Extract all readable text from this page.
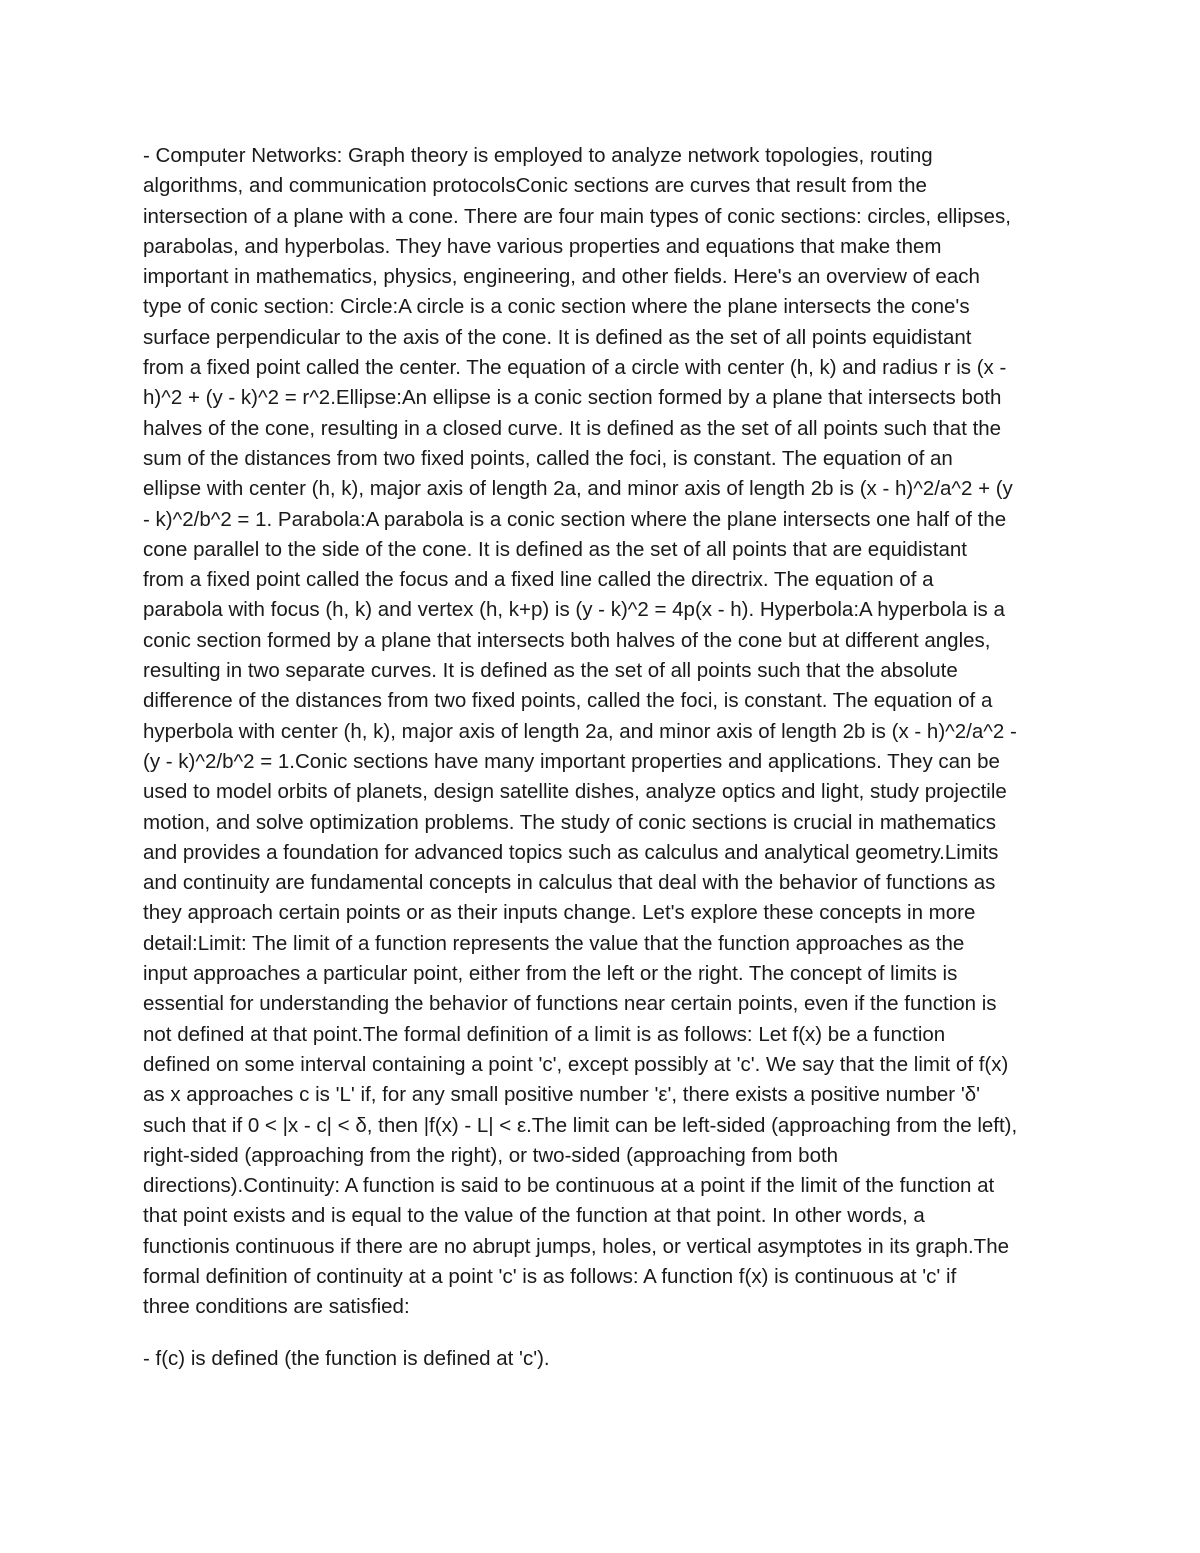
- Computer Networks: Graph theory is employed to analyze network topologies, routing
algorithms, and communication protocolsConic sections are curves that result from the
intersection of a plane with a cone. There are four main types of conic sections: circles, ellipses,
parabolas, and hyperbolas. They have various properties and equations that make them
important in mathematics, physics, engineering, and other fields. Here's an overview of each
type of conic section: Circle:A circle is a conic section where the plane intersects the cone's
surface perpendicular to the axis of the cone. It is defined as the set of all points equidistant
from a fixed point called the center. The equation of a circle with center (h, k) and radius r is (x -
h)^2 + (y - k)^2 = r^2.Ellipse:An ellipse is a conic section formed by a plane that intersects both
halves of the cone, resulting in a closed curve. It is defined as the set of all points such that the
sum of the distances from two fixed points, called the foci, is constant. The equation of an
ellipse with center (h, k), major axis of length 2a, and minor axis of length 2b is (x - h)^2/a^2 + (y
- k)^2/b^2 = 1. Parabola:A parabola is a conic section where the plane intersects one half of the
cone parallel to the side of the cone. It is defined as the set of all points that are equidistant
from a fixed point called the focus and a fixed line called the directrix. The equation of a
parabola with focus (h, k) and vertex (h, k+p) is (y - k)^2 = 4p(x - h). Hyperbola:A hyperbola is a
conic section formed by a plane that intersects both halves of the cone but at different angles,
resulting in two separate curves. It is defined as the set of all points such that the absolute
difference of the distances from two fixed points, called the foci, is constant. The equation of a
hyperbola with center (h, k), major axis of length 2a, and minor axis of length 2b is (x - h)^2/a^2 -
(y - k)^2/b^2 = 1.Conic sections have many important properties and applications. They can be
used to model orbits of planets, design satellite dishes, analyze optics and light, study projectile
motion, and solve optimization problems. The study of conic sections is crucial in mathematics
and provides a foundation for advanced topics such as calculus and analytical geometry.Limits
and continuity are fundamental concepts in calculus that deal with the behavior of functions as
they approach certain points or as their inputs change. Let's explore these concepts in more
detail:Limit: The limit of a function represents the value that the function approaches as the
input approaches a particular point, either from the left or the right. The concept of limits is
essential for understanding the behavior of functions near certain points, even if the function is
not defined at that point.The formal definition of a limit is as follows: Let f(x) be a function
defined on some interval containing a point 'c', except possibly at 'c'. We say that the limit of f(x)
as x approaches c is 'L' if, for any small positive number 'ε', there exists a positive number 'δ'
such that if 0 < |x - c| < δ, then |f(x) - L| < ε.The limit can be left-sided (approaching from the left),
right-sided (approaching from the right), or two-sided (approaching from both
directions).Continuity: A function is said to be continuous at a point if the limit of the function at
that point exists and is equal to the value of the function at that point. In other words, a
functionis continuous if there are no abrupt jumps, holes, or vertical asymptotes in its graph.The
formal definition of continuity at a point 'c' is as follows: A function f(x) is continuous at 'c' if
three conditions are satisfied:

- f(c) is defined (the function is defined at 'c').
